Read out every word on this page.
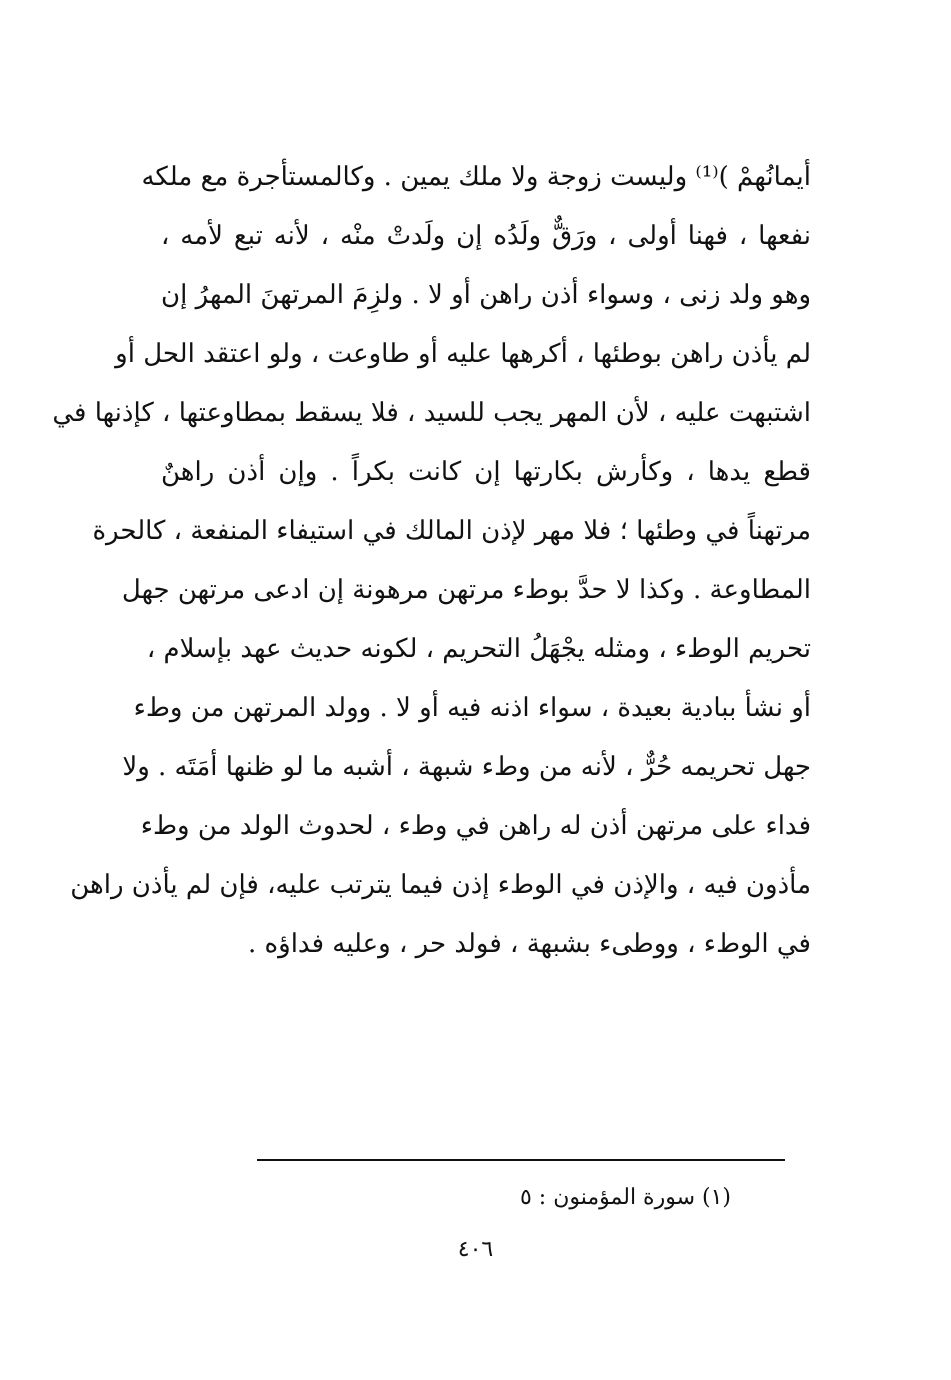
أيمانُهمْ )⁽¹⁾ وليست زوجة ولا ملك يمين . وكالمستأجرة مع ملكه
نفعها ، فهنا أولى ، ورَقٌّ ولَدُه إن ولَدتْ منْه ، لأنه تبع لأمه ،
وهو ولد زنى ، وسواء أذن راهن أو لا . ولزِمَ المرتهنَ المهرُ إن
لم يأذن راهن بوطئها ، أكرهها عليه أو طاوعت ، ولو اعتقد الحل أو
اشتبهت عليه ، لأن المهر يجب للسيد ، فلا يسقط بمطاوعتها ، كإذنها في
قطع يدها ، وكأرش بكارتها إن كانت بكراً . وإن أذن راهنٌ
مرتهناً في وطئها ؛ فلا مهر لإذن المالك في استيفاء المنفعة ، كالحرة
المطاوعة . وكذا لا حدَّ بوطء مرتهن مرهونة إن ادعى مرتهن جهل
تحريم الوطء ، ومثله يجْهَلُ التحريم ، لكونه حديث عهد بإسلام ،
أو نشأ ببادية بعيدة ، سواء اذنه فيه أو لا . وولد المرتهن من وطء
جهل تحريمه حُرٌّ ، لأنه من وطء شبهة ، أشبه ما لو ظنها أمَتَه . ولا
فداء على مرتهن أذن له راهن في وطء ، لحدوث الولد من وطء
مأذون فيه ، والإذن في الوطء إذن فيما يترتب عليه، فإن لم يأذن راهن
في الوطء ، ووطىء بشبهة ، فولد حر ، وعليه فداؤه .
(١) سورة المؤمنون : ٥
٤٠٦
